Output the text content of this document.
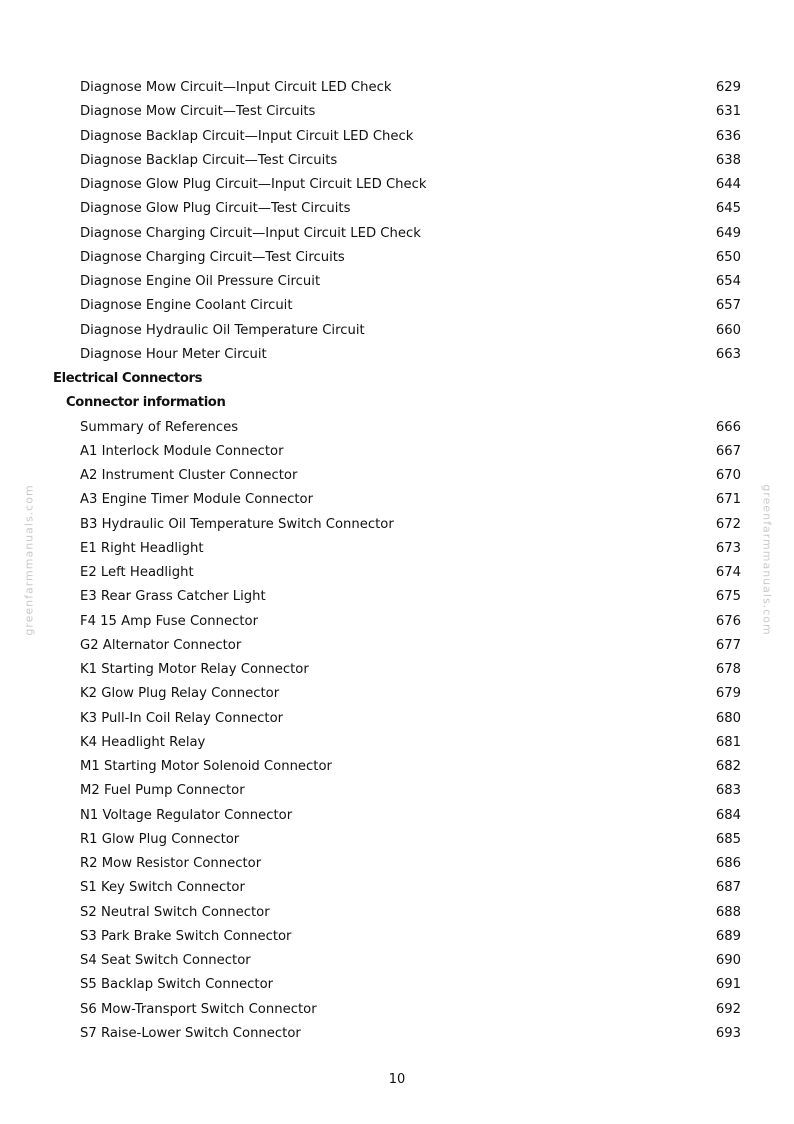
greenfarmmanuals.com	greenfarmmanuals.com
Diagnose Mow Circuit—Input Circuit LED Check	629
Diagnose Mow Circuit—Test Circuits	631
Diagnose Backlap Circuit—Input Circuit LED Check	636
Diagnose Backlap Circuit—Test Circuits	638
Diagnose Glow Plug Circuit—Input Circuit LED Check	644
Diagnose Glow Plug Circuit—Test Circuits	645
Diagnose Charging Circuit—Input Circuit LED Check	649
Diagnose Charging Circuit—Test Circuits	650
Diagnose Engine Oil Pressure Circuit	654
Diagnose Engine Coolant Circuit	657
Diagnose Hydraulic Oil Temperature Circuit	660
Diagnose Hour Meter Circuit	663
Electrical Connectors
Connector information
Summary of References	666
A1 Interlock Module Connector	667
A2 Instrument Cluster Connector	670
A3 Engine Timer Module Connector	671
B3 Hydraulic Oil Temperature Switch Connector	672
E1 Right Headlight	673
E2 Left Headlight	674
E3 Rear Grass Catcher Light	675
F4 15 Amp Fuse Connector	676
G2 Alternator Connector	677
K1 Starting Motor Relay Connector	678
K2 Glow Plug Relay Connector	679
K3 Pull-In Coil Relay Connector	680
K4 Headlight Relay	681
M1 Starting Motor Solenoid Connector	682
M2 Fuel Pump Connector	683
N1 Voltage Regulator Connector	684
R1 Glow Plug Connector	685
R2 Mow Resistor Connector	686
S1 Key Switch Connector	687
S2 Neutral Switch Connector	688
S3 Park Brake Switch Connector	689
S4 Seat Switch Connector	690
S5 Backlap Switch Connector	691
S6 Mow-Transport Switch Connector	692
S7 Raise-Lower Switch Connector	693
10
